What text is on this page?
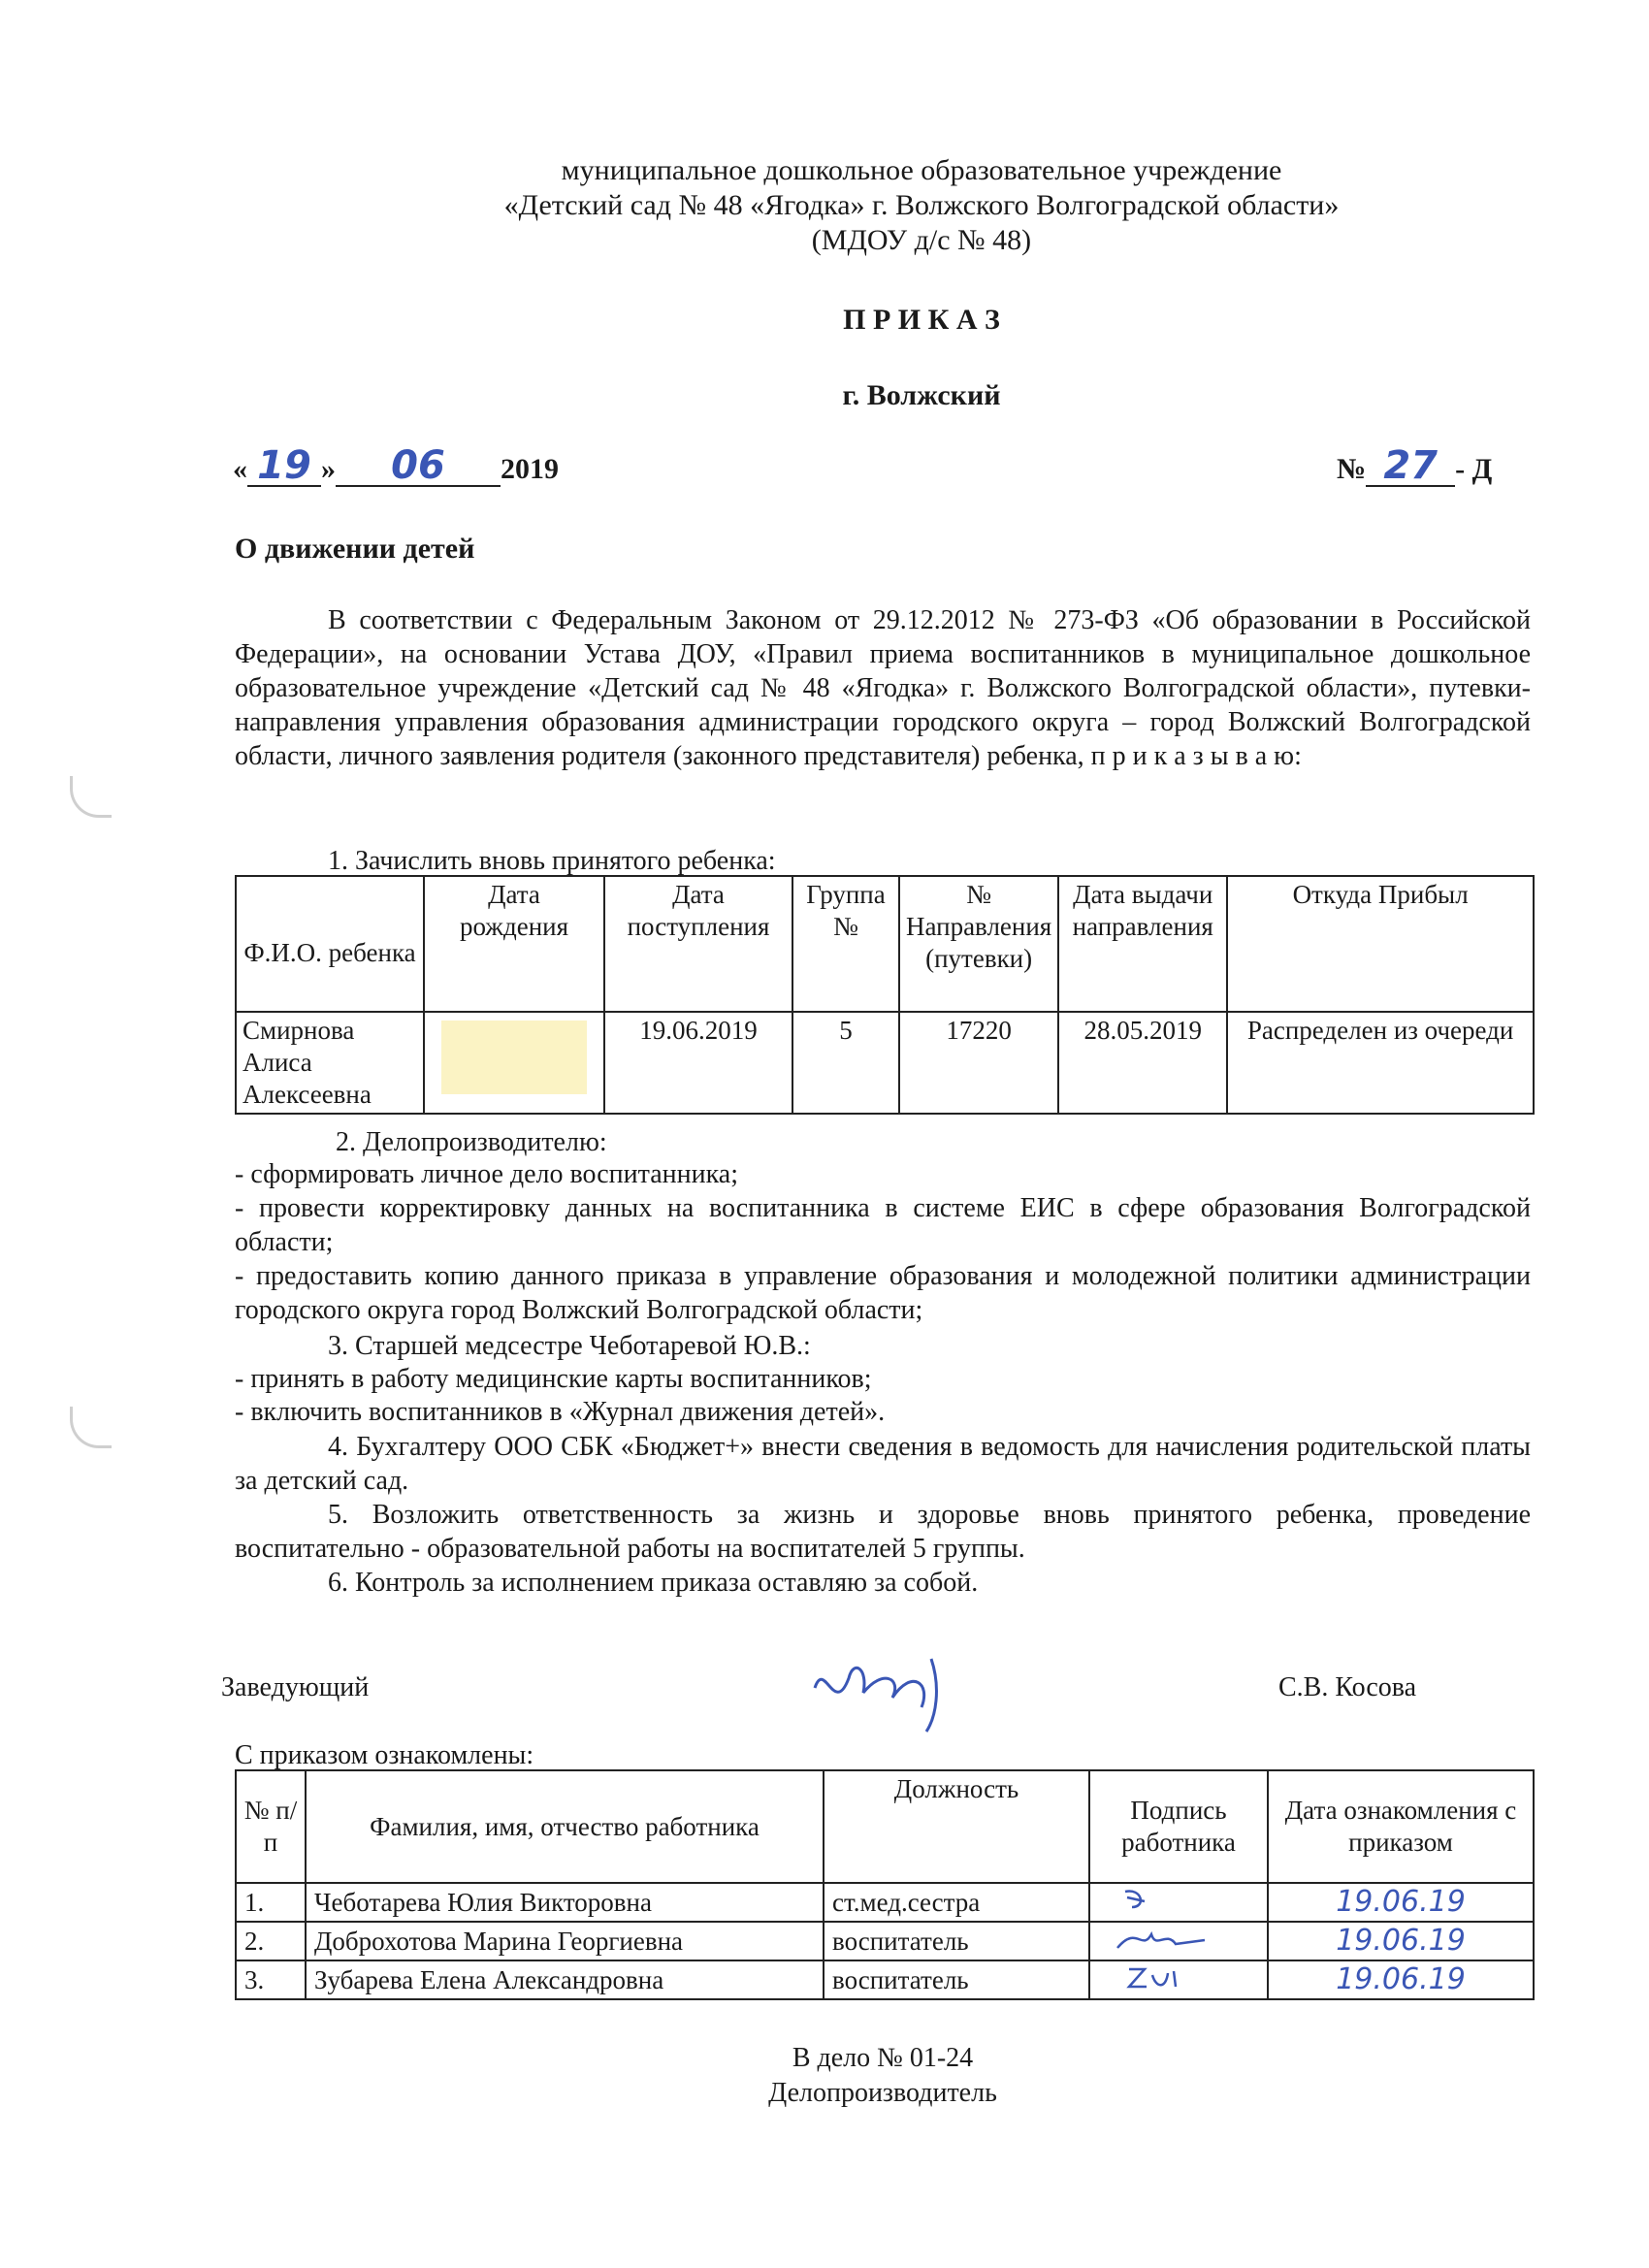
муниципальное дошкольное образовательное учреждение
«Детский сад № 48 «Ягодка» г. Волжского Волгоградской области»
(МДОУ д/с № 48)
П Р И К А З
г. Волжский
« 19 » 06 2019	№ 27 - Д
О движении детей
В соответствии с Федеральным Законом от 29.12.2012 № 273-ФЗ «Об образовании в Российской Федерации», на основании Устава ДОУ, «Правил приема воспитанников в муниципальное дошкольное образовательное учреждение «Детский сад № 48 «Ягодка» г. Волжского Волгоградской области», путевки-направления управления образования администрации городского округа – город Волжский Волгоградской области, личного заявления родителя (законного представителя) ребенка, п р и к а з ы в а ю:
1. Зачислить вновь принятого ребенка:
Ф.И.О. ребенка	Дата рождения	Дата поступления	Группа №	№ Направления (путевки)	Дата выдачи направления	Откуда Прибыл
Смирнова Алиса Алексеевна		19.06.2019	5	17220	28.05.2019	Распределен из очереди
2. Делопроизводителю:
- сформировать личное дело воспитанника;
- провести корректировку данных на воспитанника в системе ЕИС в сфере образования Волгоградской области;
- предоставить копию данного приказа в управление образования и молодежной политики администрации городского округа город Волжский Волгоградской области;
3. Старшей медсестре Чеботаревой Ю.В.:
- принять в работу медицинские карты воспитанников;
- включить воспитанников в «Журнал движения детей».
4. Бухгалтеру ООО СБК «Бюджет+» внести сведения в ведомость для начисления родительской платы за детский сад.
5. Возложить ответственность за жизнь и здоровье вновь принятого ребенка, проведение воспитательно - образовательной работы на воспитателей 5 группы.
6. Контроль за исполнением приказа оставляю за собой.
Заведующий	С.В. Косова
С приказом ознакомлены:
№ п/п	Фамилия, имя, отчество работника	Должность	Подпись работника	Дата ознакомления с приказом
1.	Чеботарева Юлия Викторовна	ст.мед.сестра		19.06.19
2.	Доброхотова Марина Георгиевна	воспитатель		19.06.19
3.	Зубарева Елена Александровна	воспитатель		19.06.19
В дело № 01-24
Делопроизводитель
